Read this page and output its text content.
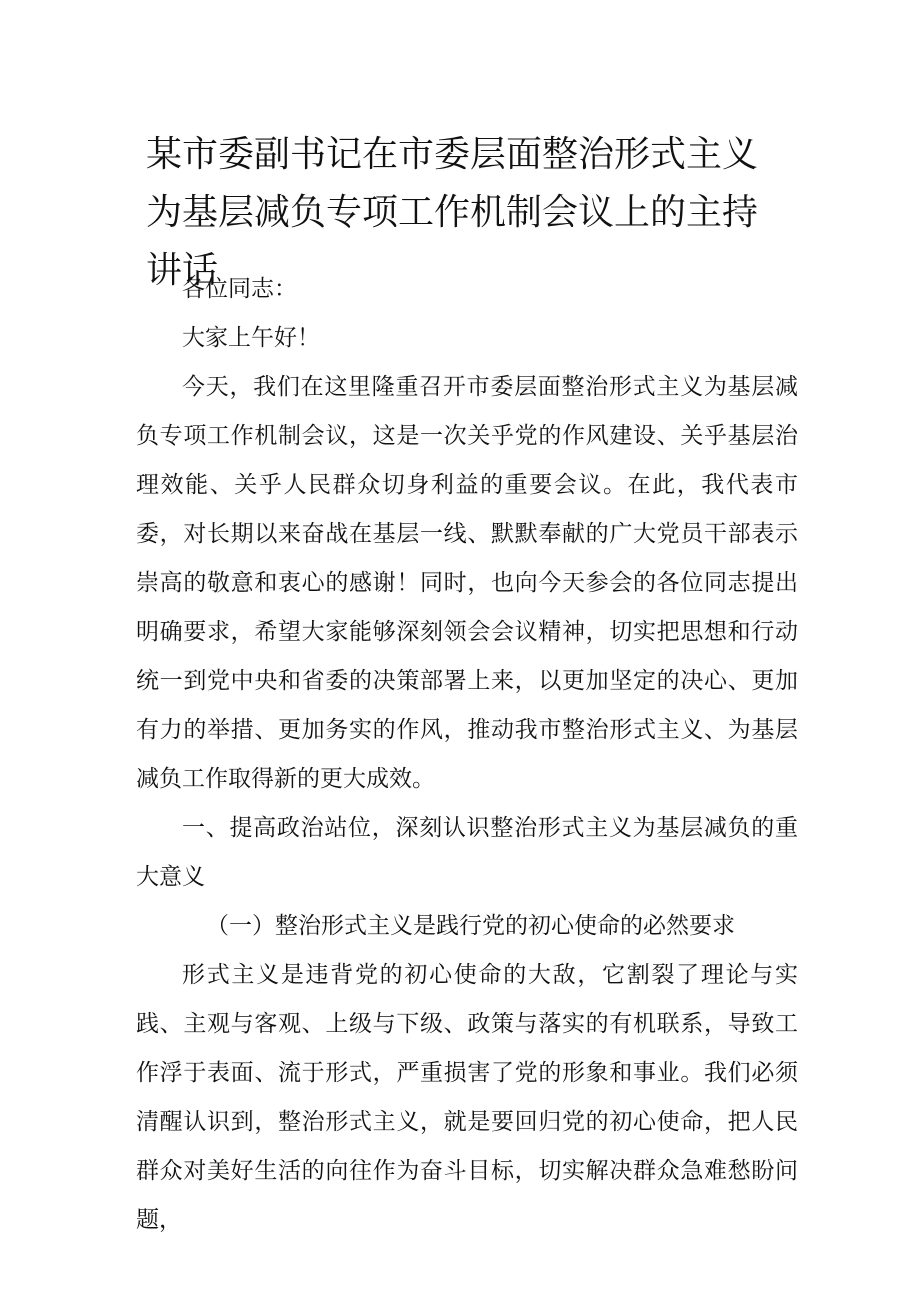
某市委副书记在市委层面整治形式主义为基层减负专项工作机制会议上的主持讲话

各位同志：

大家上午好！

今天，我们在这里隆重召开市委层面整治形式主义为基层减负专项工作机制会议，这是一次关乎党的作风建设、关乎基层治理效能、关乎人民群众切身利益的重要会议。在此，我代表市委，对长期以来奋战在基层一线、默默奉献的广大党员干部表示崇高的敬意和衷心的感谢！同时，也向今天参会的各位同志提出明确要求，希望大家能够深刻领会会议精神，切实把思想和行动统一到党中央和省委的决策部署上来，以更加坚定的决心、更加有力的举措、更加务实的作风，推动我市整治形式主义、为基层减负工作取得新的更大成效。

一、提高政治站位，深刻认识整治形式主义为基层减负的重大意义

（一）整治形式主义是践行党的初心使命的必然要求

形式主义是违背党的初心使命的大敌，它割裂了理论与实践、主观与客观、上级与下级、政策与落实的有机联系，导致工作浮于表面、流于形式，严重损害了党的形象和事业。我们必须清醒认识到，整治形式主义，就是要回归党的初心使命，把人民群众对美好生活的向往作为奋斗目标，切实解决群众急难愁盼问题，
